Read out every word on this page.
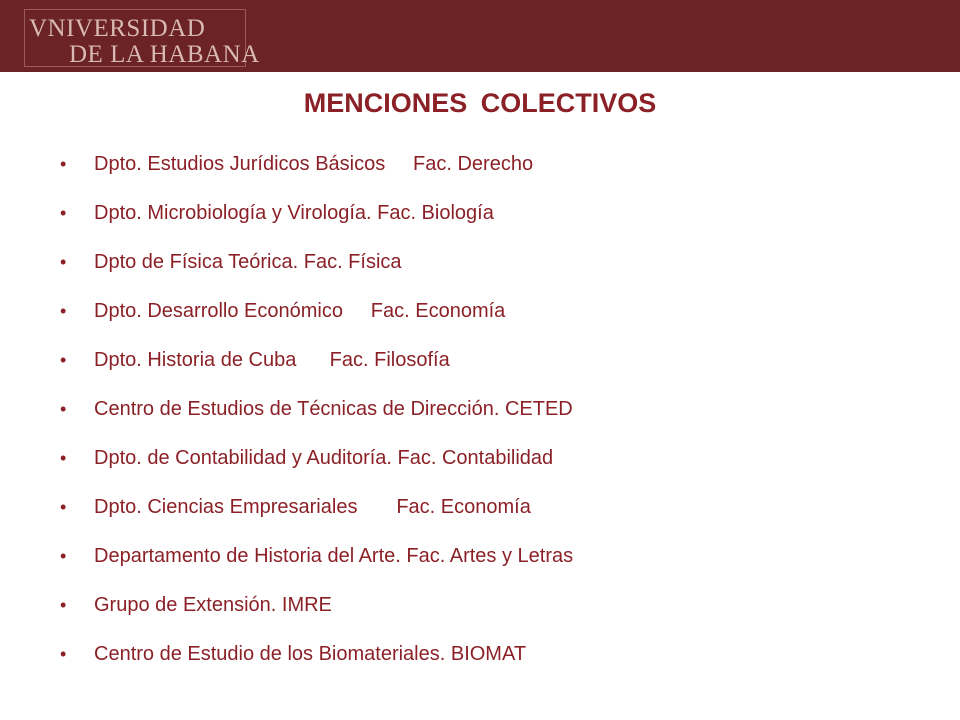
VNIVERSIDAD
DE LA HABANA
MENCIONES COLECTIVOS
• Dpto. Estudios Jurídicos Básicos     Fac. Derecho
• Dpto. Microbiología y Virología. Fac. Biología
• Dpto de Física Teórica. Fac. Física
• Dpto. Desarrollo Económico     Fac. Economía
• Dpto. Historia de Cuba      Fac. Filosofía
• Centro de Estudios de Técnicas de Dirección. CETED
• Dpto. de Contabilidad y Auditoría. Fac. Contabilidad
• Dpto. Ciencias Empresariales       Fac. Economía
• Departamento de Historia del Arte. Fac. Artes y Letras
• Grupo de Extensión. IMRE
• Centro de Estudio de los Biomateriales. BIOMAT
